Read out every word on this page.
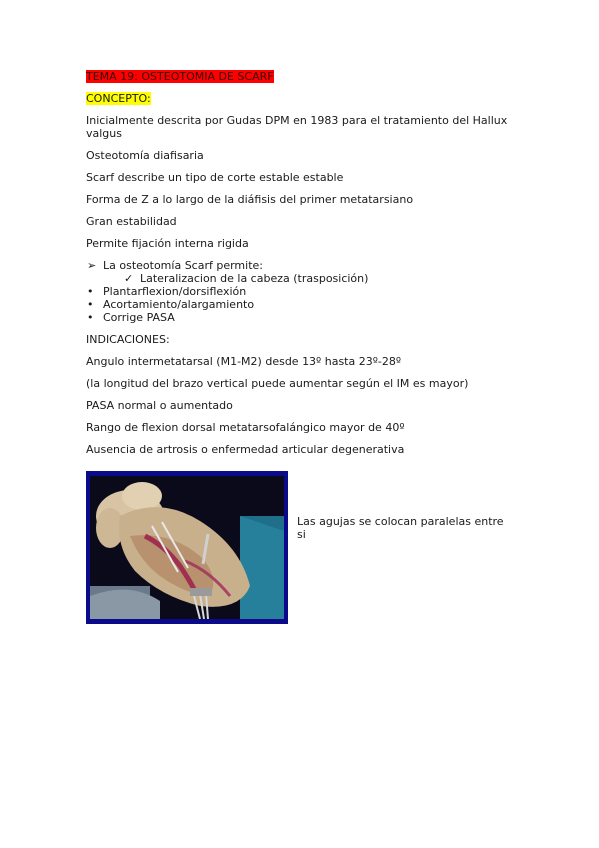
TEMA 19: OSTEOTOMIA DE SCARF

CONCEPTO:

Inicialmente descrita por Gudas DPM en 1983 para el tratamiento del Hallux valgus

Osteotomía diafisaria

Scarf describe un tipo de corte estable estable

Forma de Z a lo largo de la diáfisis del primer metatarsiano

Gran estabilidad

Permite fijación interna rigida

➢ La osteotomía Scarf permite:
✓ Lateralizacion de la cabeza (trasposición)
• Plantarflexion/dorsiflexión
• Acortamiento/alargamiento
• Corrige PASA

INDICACIONES:

Angulo intermetatarsal (M1-M2) desde 13º hasta 23º-28º

(la longitud del brazo vertical puede aumentar según el IM es mayor)

PASA normal o aumentado

Rango de flexion dorsal metatarsofalángico mayor de 40º

Ausencia de artrosis o enfermedad articular degenerativa

Las agujas se colocan paralelas entre si
